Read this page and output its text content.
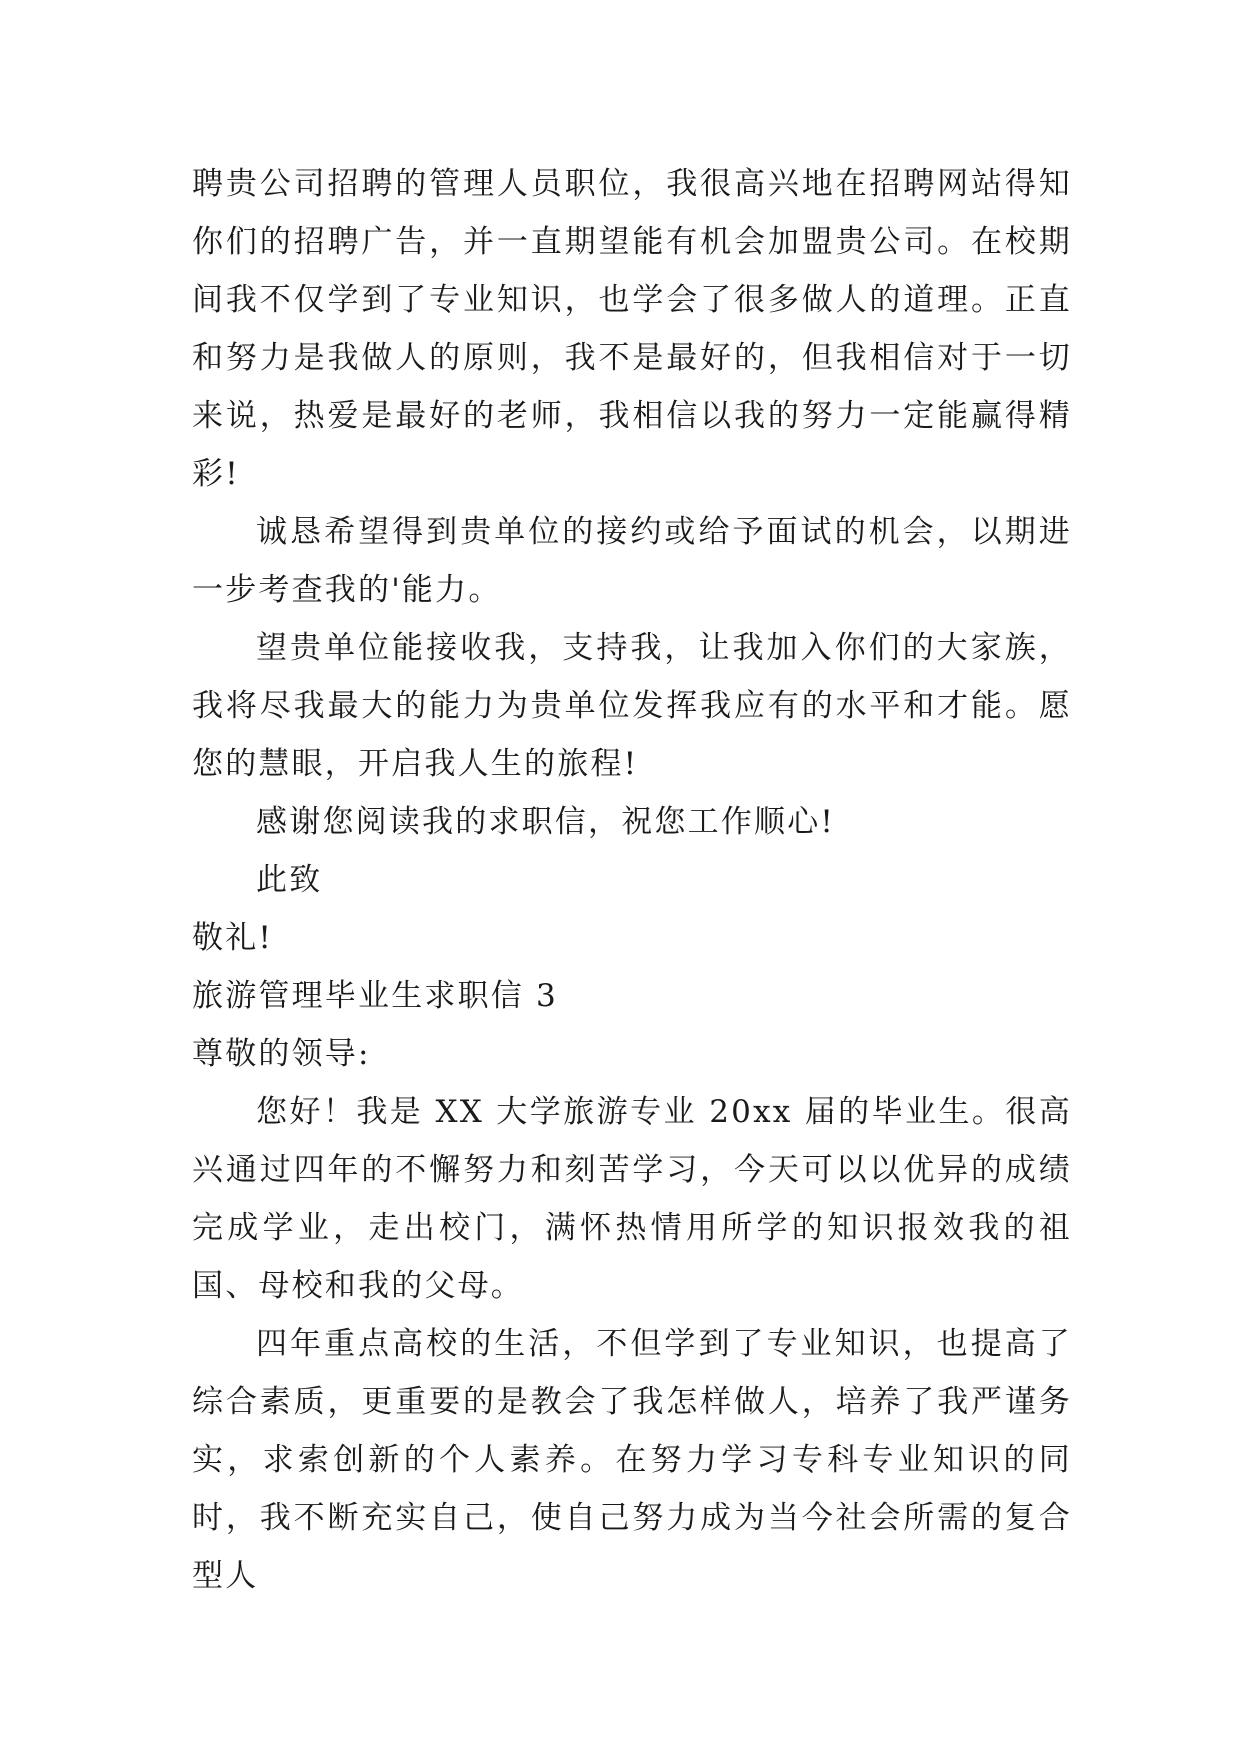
聘贵公司招聘的管理人员职位，我很高兴地在招聘网站得知你们的招聘广告，并一直期望能有机会加盟贵公司。在校期间我不仅学到了专业知识，也学会了很多做人的道理。正直和努力是我做人的原则，我不是最好的，但我相信对于一切来说，热爱是最好的老师，我相信以我的努力一定能赢得精彩!

诚恳希望得到贵单位的接约或给予面试的机会，以期进一步考查我的'能力。

望贵单位能接收我，支持我，让我加入你们的大家族，我将尽我最大的能力为贵单位发挥我应有的水平和才能。愿您的慧眼，开启我人生的旅程!

感谢您阅读我的求职信，祝您工作顺心!

此致

敬礼!

旅游管理毕业生求职信 3

尊敬的领导:

您好！我是 XX 大学旅游专业 20xx 届的毕业生。很高兴通过四年的不懈努力和刻苦学习，今天可以以优异的成绩完成学业，走出校门，满怀热情用所学的知识报效我的祖国、母校和我的父母。

四年重点高校的生活，不但学到了专业知识，也提高了综合素质，更重要的是教会了我怎样做人，培养了我严谨务实，求索创新的个人素养。在努力学习专科专业知识的同时，我不断充实自己，使自己努力成为当今社会所需的复合型人
